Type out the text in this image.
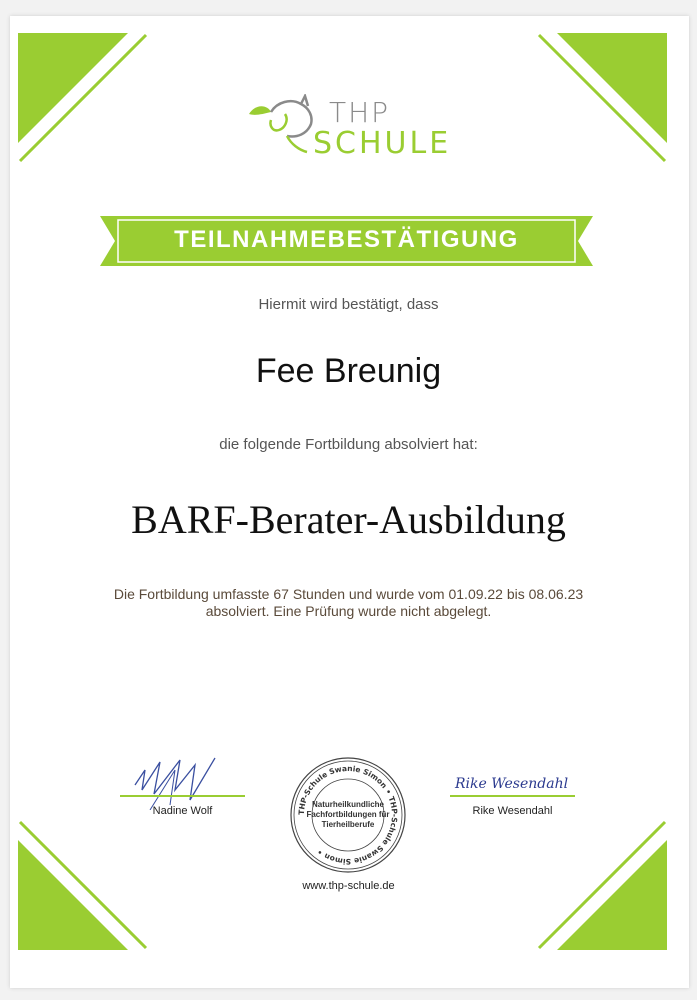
THP
SCHULE
TEILNAHMEBESTÄTIGUNG
Hiermit wird bestätigt, dass
Fee Breunig
die folgende Fortbildung absolviert hat:
BARF-Berater-Ausbildung
Die Fortbildung umfasste 67 Stunden und wurde vom 01.09.22 bis 08.06.23
absolviert. Eine Prüfung wurde nicht abgelegt.
Nadine Wolf	THP-Schule Swanie Simon • THP-Schule Swanie Simon •
Naturheilkundliche
Fachfortbildungen für
Tierheilberufe
Rike Wesendahl
Rike Wesendahl
www.thp-schule.de
